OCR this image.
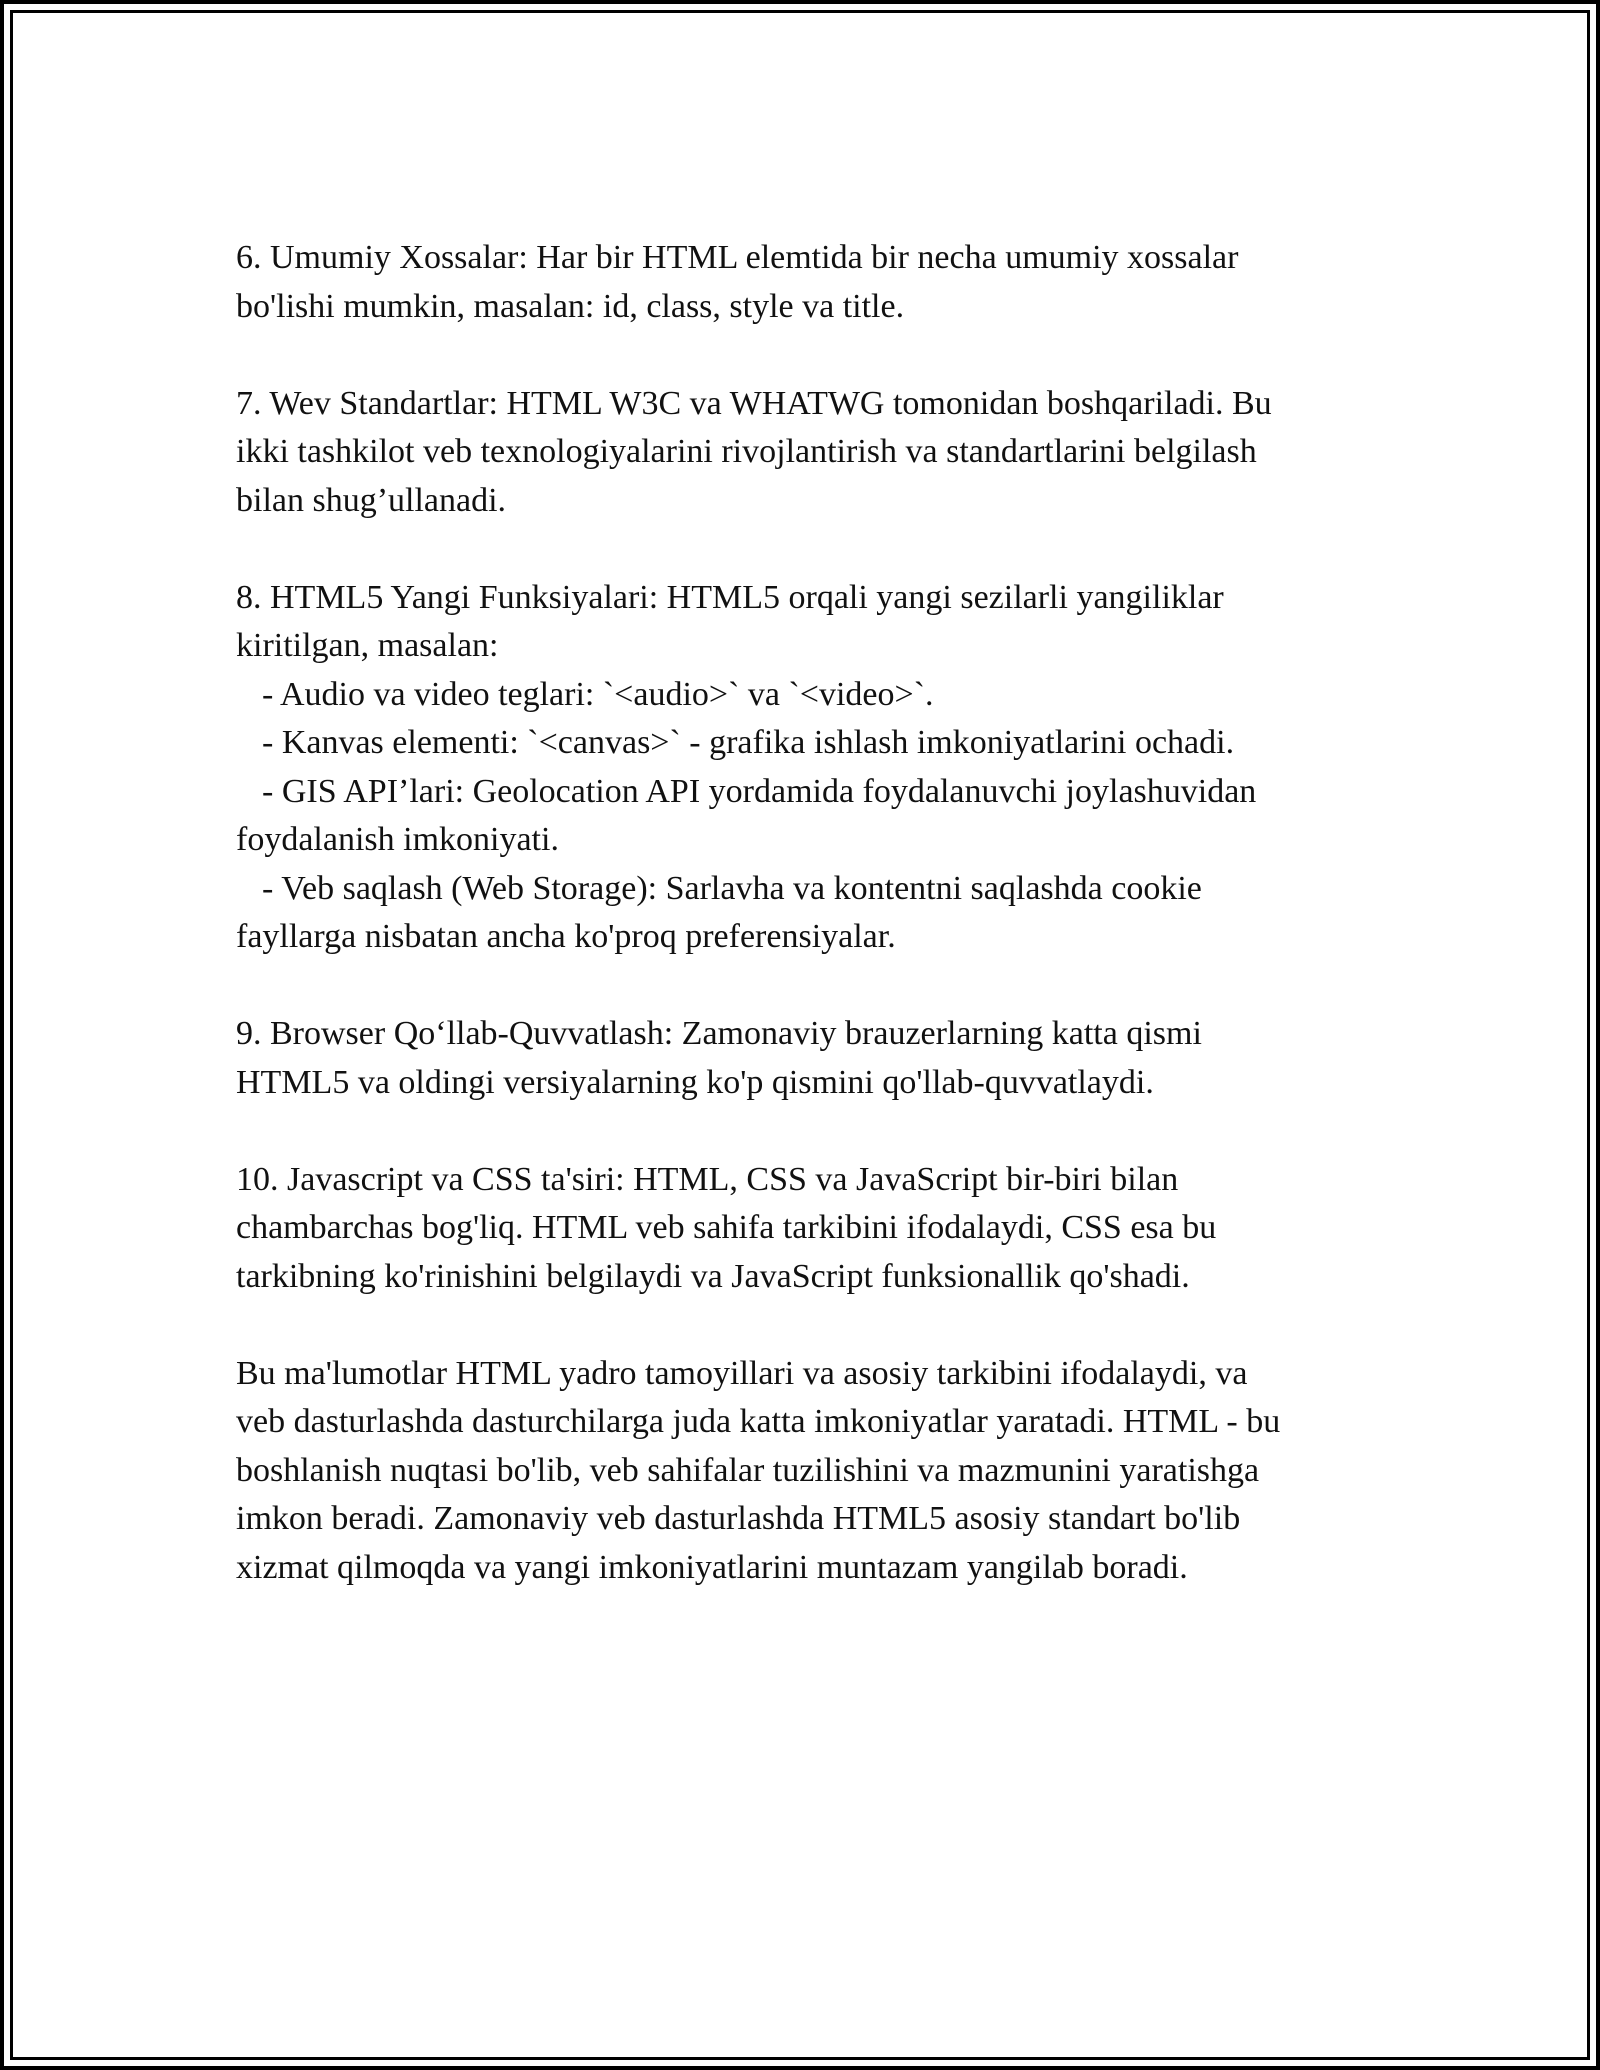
6. Umumiy Xossalar: Har bir HTML elemtida bir necha umumiy xossalar
bo'lishi mumkin, masalan: id, class, style va title.
7. Wev Standartlar: HTML W3C va WHATWG tomonidan boshqariladi. Bu
ikki tashkilot veb texnologiyalarini rivojlantirish va standartlarini belgilash
bilan shug’ullanadi.
8. HTML5 Yangi Funksiyalari: HTML5 orqali yangi sezilarli yangiliklar
kiritilgan, masalan:
- Audio va video teglari: `<audio>` va `<video>`.
- Kanvas elementi: `<canvas>` - grafika ishlash imkoniyatlarini ochadi.
- GIS API’lari: Geolocation API yordamida foydalanuvchi joylashuvidan
foydalanish imkoniyati.
- Veb saqlash (Web Storage): Sarlavha va kontentni saqlashda cookie
fayllarga nisbatan ancha ko'proq preferensiyalar.
9. Browser Qo‘llab-Quvvatlash: Zamonaviy brauzerlarning katta qismi
HTML5 va oldingi versiyalarning ko'p qismini qo'llab-quvvatlaydi.
10. Javascript va CSS ta'siri: HTML, CSS va JavaScript bir-biri bilan
chambarchas bog'liq. HTML veb sahifa tarkibini ifodalaydi, CSS esa bu
tarkibning ko'rinishini belgilaydi va JavaScript funksionallik qo'shadi.
Bu ma'lumotlar HTML yadro tamoyillari va asosiy tarkibini ifodalaydi, va
veb dasturlashda dasturchilarga juda katta imkoniyatlar yaratadi. HTML - bu
boshlanish nuqtasi bo'lib, veb sahifalar tuzilishini va mazmunini yaratishga
imkon beradi. Zamonaviy veb dasturlashda HTML5 asosiy standart bo'lib
xizmat qilmoqda va yangi imkoniyatlarini muntazam yangilab boradi.
